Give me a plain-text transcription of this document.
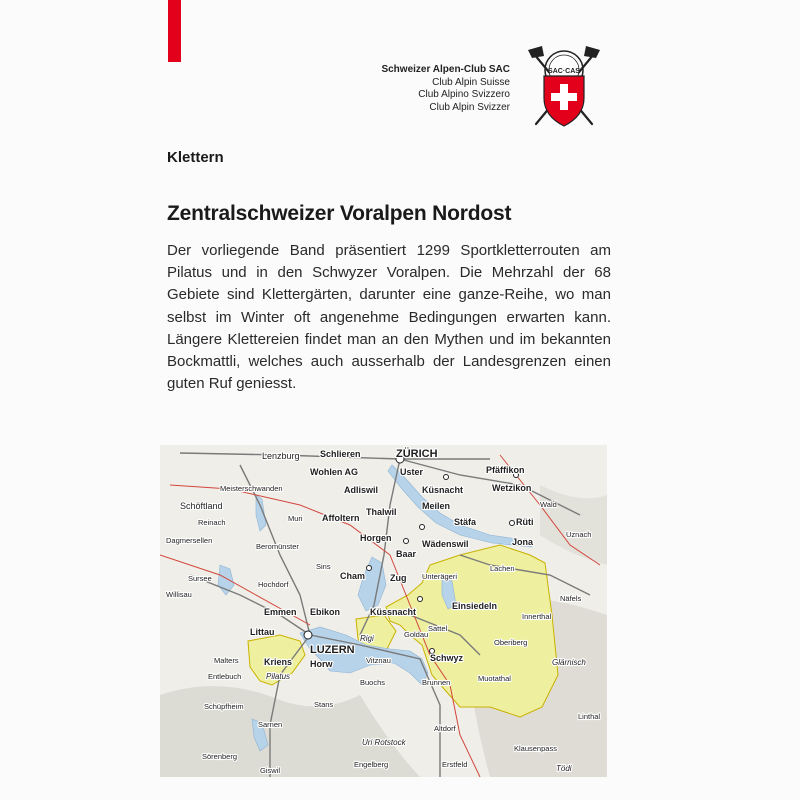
Schweizer Alpen-Club SAC
Club Alpin Suisse
Club Alpino Svizzero
Club Alpin Svizzer
SAC·CAS
Klettern
Zentralschweizer Voralpen Nordost
Der vorliegende Band präsentiert 1299 Sportkletterrouten am Pilatus und in den Schwyzer Voralpen. Die Mehrzahl der 68 Gebiete sind Klettergärten, darunter eine ganze-Reihe, wo man selbst im Winter oft angenehme Bedingungen erwarten kann. Längere Klettereien findet man an den Mythen und im bekannten Bockmattli, welches auch ausserhalb der Landesgrenzen einen guten Ruf geniesst.
Lenzburg Schlieren	ZÜRICH
Wohlen AG	Uster	Pfäffikon
Meisterschwanden	Adliswil	Küsnacht	Wetzikon
Schöftland
Muri Affoltern
Thalwil
Meilen	Wald
Reinach	Stäfa	Rüti
Dagmersellen
Beromünster
Horgen
Wädenswil	Jona
Uznach
Baar
Sins
Sursee
Hochdorf
Cham	Zug Unterägeri
Lachen
Willisau
Einsiedeln
Näfels
Innerthal
Emmen Ebikon	Küssnacht
Littau	Sattel
Oberiberg
Goldau
LUZERN
Rigi
Malters	Kriens Horw	Vitznau	Schwyz	Glärnisch
Entlebuch	Pilatus
Buochs	Brunnen	Muotathal
Schüpfheim	Stans
Linthal
Sarnen	Altdorf
Uri Rotstock
Klausenpass
Sörenberg
Engelberg	Erstfeld	Tödi
Giswil
